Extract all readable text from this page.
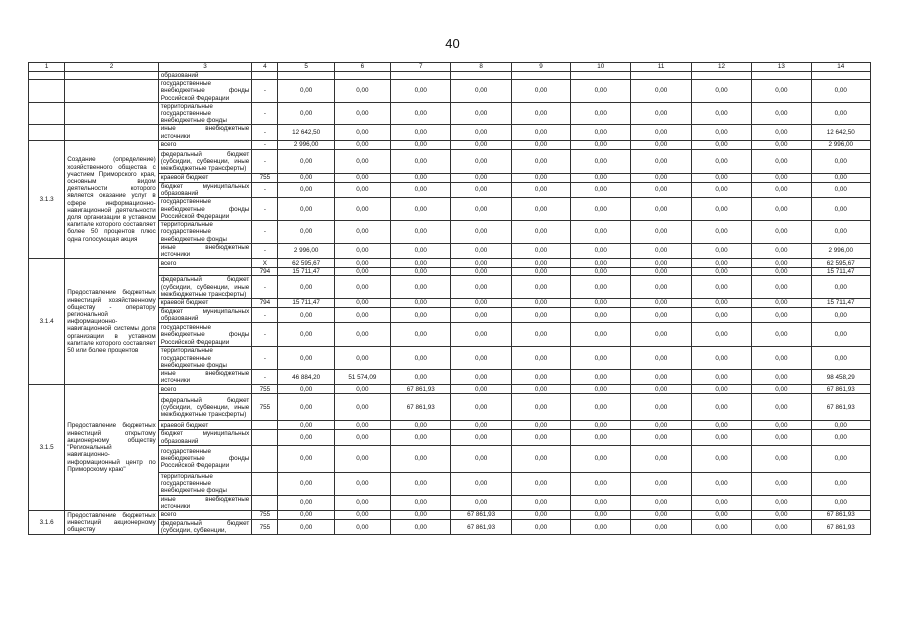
40
1	2	3	4	5	6	7	8	9	10	11	12	13	14
		образований											
		государственные внебюджетные фонды Российской Федерации	-	0,00	0,00	0,00	0,00	0,00	0,00	0,00	0,00	0,00	0,00
		территориальные государственные внебюджетные фонды	-	0,00	0,00	0,00	0,00	0,00	0,00	0,00	0,00	0,00	0,00
		иные внебюджетные источники	-	12 642,50	0,00	0,00	0,00	0,00	0,00	0,00	0,00	0,00	12 642,50
3.1.3	Создание (определение) хозяйственного общества с участием Приморского края, основным видом деятельности которого является оказание услуг в сфере информационно-навигационной деятельности доля организации в уставном капитале которого составляет более 50 процентов плюс одна голосующая акция	всего	-	2 996,00	0,00	0,00	0,00	0,00	0,00	0,00	0,00	0,00	2 996,00
		федеральный бюджет (субсидии, субвенции, иные межбюджетные трансферты)	-	0,00	0,00	0,00	0,00	0,00	0,00	0,00	0,00	0,00	0,00
		краевой бюджет	755	0,00	0,00	0,00	0,00	0,00	0,00	0,00	0,00	0,00	0,00
		бюджет муниципальных образований	-	0,00	0,00	0,00	0,00	0,00	0,00	0,00	0,00	0,00	0,00
		государственные внебюджетные фонды Российской Федерации	-	0,00	0,00	0,00	0,00	0,00	0,00	0,00	0,00	0,00	0,00
		территориальные государственные внебюджетные фонды	-	0,00	0,00	0,00	0,00	0,00	0,00	0,00	0,00	0,00	0,00
		иные внебюджетные источники	-	2 996,00	0,00	0,00	0,00	0,00	0,00	0,00	0,00	0,00	2 996,00
3.1.4	Предоставление бюджетных инвестиций хозяйственному обществу - оператору региональной информационно-навигационной системы доля организации в уставном капитале которого составляет 50 или более процентов	всего	X	62 595,67	0,00	0,00	0,00	0,00	0,00	0,00	0,00	0,00	62 595,67
			794	15 711,47	0,00	0,00	0,00	0,00	0,00	0,00	0,00	0,00	15 711,47
		федеральный бюджет (субсидии, субвенции, иные межбюджетные трансферты)	-	0,00	0,00	0,00	0,00	0,00	0,00	0,00	0,00	0,00	0,00
		краевой бюджет	794	15 711,47	0,00	0,00	0,00	0,00	0,00	0,00	0,00	0,00	15 711,47
		бюджет муниципальных образований	-	0,00	0,00	0,00	0,00	0,00	0,00	0,00	0,00	0,00	0,00
		государственные внебюджетные фонды Российской Федерации	-	0,00	0,00	0,00	0,00	0,00	0,00	0,00	0,00	0,00	0,00
		территориальные государственные внебюджетные фонды	-	0,00	0,00	0,00	0,00	0,00	0,00	0,00	0,00	0,00	0,00
		иные внебюджетные источники	-	46 884,20	51 574,09	0,00	0,00	0,00	0,00	0,00	0,00	0,00	98 458,29
3.1.5	Предоставление бюджетных инвестиций открытому акционерному обществу "Региональный навигационно-информационный центр по Приморскому краю"	всего	755	0,00	0,00	67 861,93	0,00	0,00	0,00	0,00	0,00	0,00	67 861,93
		федеральный бюджет (субсидии, субвенции, иные межбюджетные трансферты)	755	0,00	0,00	67 861,93	0,00	0,00	0,00	0,00	0,00	0,00	67 861,93
		краевой бюджет		0,00	0,00	0,00	0,00	0,00	0,00	0,00	0,00	0,00	0,00
		бюджет муниципальных образований		0,00	0,00	0,00	0,00	0,00	0,00	0,00	0,00	0,00	0,00
		государственные внебюджетные фонды Российской Федерации		0,00	0,00	0,00	0,00	0,00	0,00	0,00	0,00	0,00	0,00
		территориальные государственные внебюджетные фонды		0,00	0,00	0,00	0,00	0,00	0,00	0,00	0,00	0,00	0,00
		иные внебюджетные источники		0,00	0,00	0,00	0,00	0,00	0,00	0,00	0,00	0,00	0,00
3.1.6	Предоставление бюджетных инвестиций акционерному обществу	всего	755	0,00	0,00	0,00	67 861,93	0,00	0,00	0,00	0,00	0,00	67 861,93
		федеральный бюджет (субсидии, субвенции,	755	0,00	0,00	0,00	67 861,93	0,00	0,00	0,00	0,00	0,00	67 861,93
